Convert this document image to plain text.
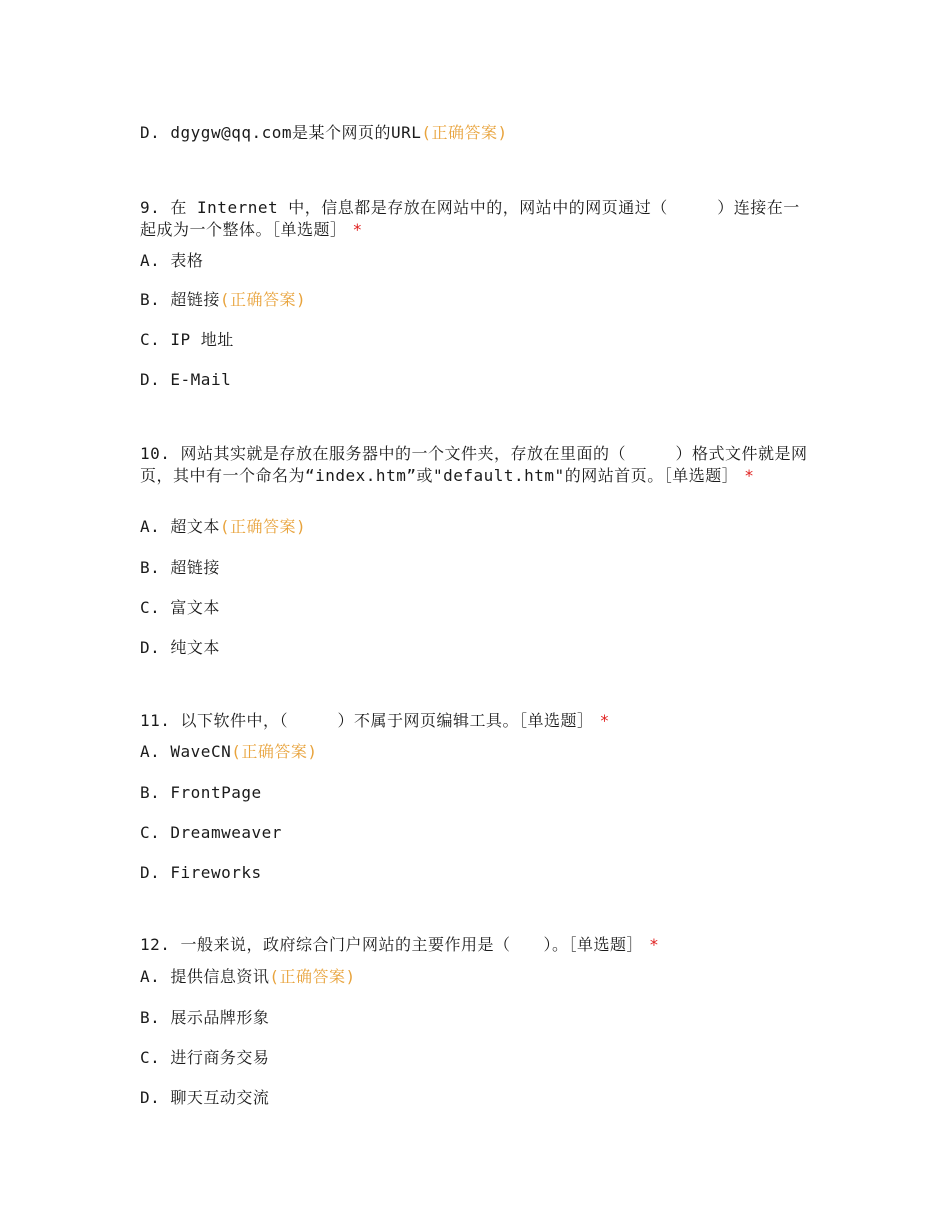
D. dgygw@qq.com是某个网页的URL(正确答案)
9. 在 Internet 中，信息都是存放在网站中的，网站中的网页通过（　　　）连接在一起成为一个整体。［单选题］ *
A. 表格
B. 超链接(正确答案)
C. IP 地址
D. E-Mail
10. 网站其实就是存放在服务器中的一个文件夹，存放在里面的（　　　）格式文件就是网页，其中有一个命名为“index.htm”或"default.htm"的网站首页。［单选题］ *
A. 超文本(正确答案)
B. 超链接
C. 富文本
D. 纯文本
11. 以下软件中，（　　　）不属于网页编辑工具。［单选题］ *
A. WaveCN(正确答案)
B. FrontPage
C. Dreamweaver
D. Fireworks
12. 一般来说，政府综合门户网站的主要作用是（　　）。［单选题］ *
A. 提供信息资讯(正确答案)
B. 展示品牌形象
C. 进行商务交易
D. 聊天互动交流
